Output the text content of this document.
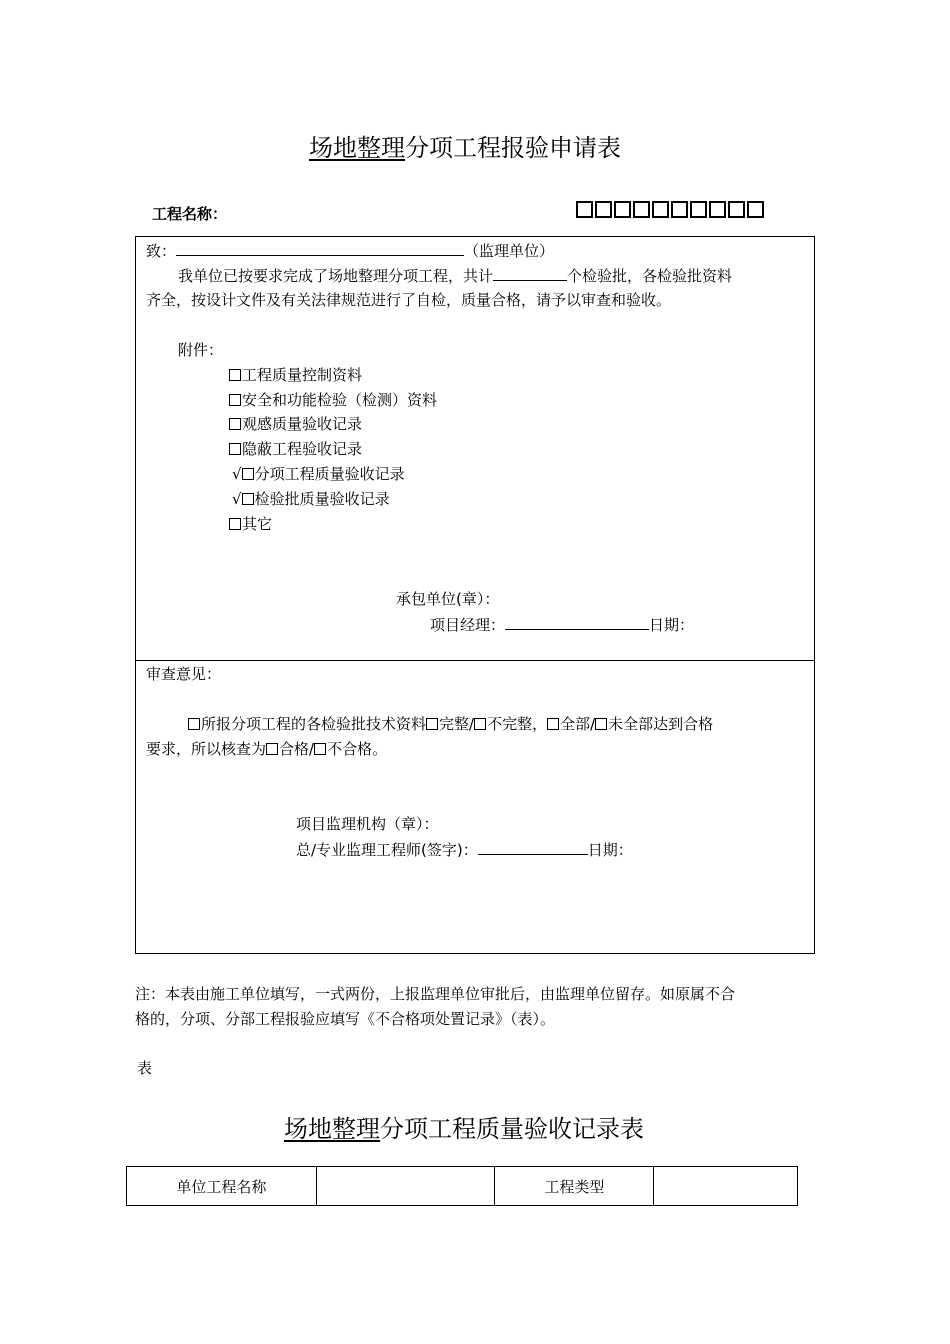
场地整理分项工程报验申请表
工程名称：
致：	（监理单位）
我单位已按要求完成了场地整理分项工程，共计	个检验批，各检验批资料
齐全，按设计文件及有关法律规范进行了自检，质量合格，请予以审查和验收。
附件：
工程质量控制资料
安全和功能检验（检测）资料
观感质量验收记录
隐蔽工程验收记录
√ 分项工程质量验收记录
√ 检验批质量验收记录
其它
承包单位(章）：
项目经理：	日期：
审查意见：
所报分项工程的各检验批技术资料 完整/ 不完整， 全部/ 未全部达到合格
要求，所以核查为 合格/ 不合格。
项目监理机构（章）：
总/专业监理工程师(签字)：	日期：
注：本表由施工单位填写，一式两份，上报监理单位审批后，由监理单位留存。如原属不合
格的，分项、分部工程报验应填写《不合格项处置记录》（表）。
表
场地整理分项工程质量验收记录表
单位工程名称		工程类型	
